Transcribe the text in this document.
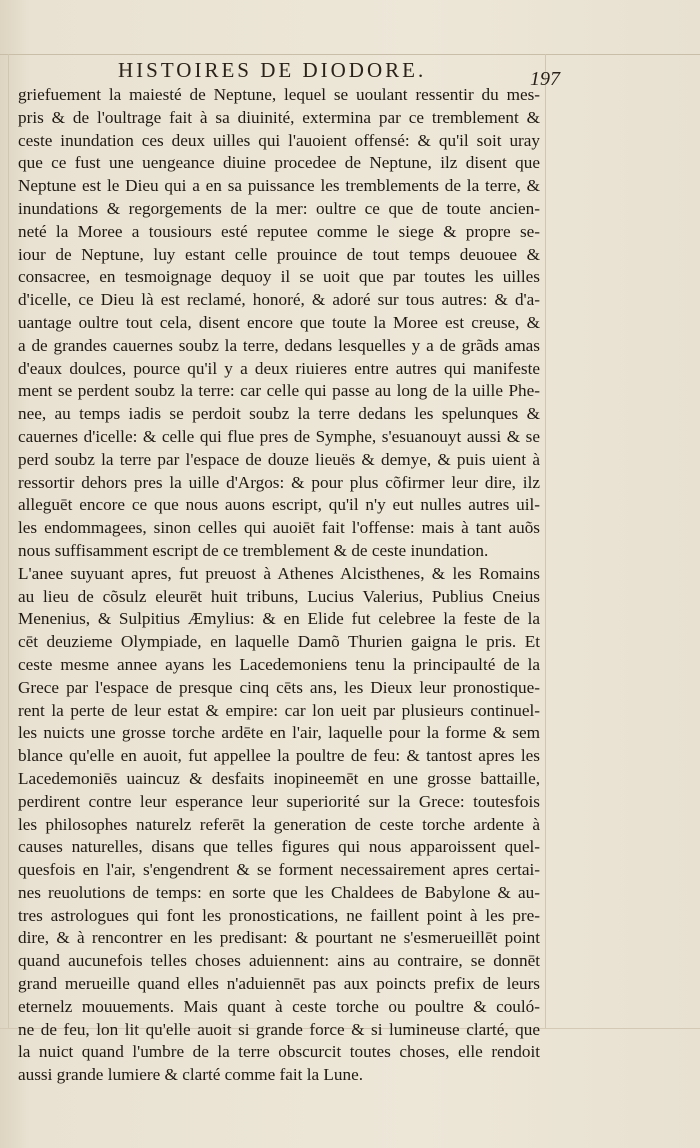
HISTOIRES DE DIODORE.	197
griefuement la maiesté de Neptune, lequel se uoulant ressentir du mes-
pris & de l'oultrage fait à sa diuinité, extermina par ce tremblement &
ceste inundation ces deux uilles qui l'auoient offensé: & qu'il soit uray
que ce fust une uengeance diuine procedee de Neptune, ilz disent que
Neptune est le Dieu qui a en sa puissance les tremblements de la terre, &
inundations & regorgements de la mer: oultre ce que de toute ancien-
neté la Moree a tousiours esté reputee comme le siege & propre se-
iour de Neptune, luy estant celle prouince de tout temps deuouee &
consacree, en tesmoignage dequoy il se uoit que par toutes les uilles
d'icelle, ce Dieu là est reclamé, honoré, & adoré sur tous autres: & d'a-
uantage oultre tout cela, disent encore que toute la Moree est creuse, &
a de grandes cauernes soubz la terre, dedans lesquelles y a de grãds amas
d'eaux doulces, pource qu'il y a deux riuieres entre autres qui manifeste
ment se perdent soubz la terre: car celle qui passe au long de la uille Phe-
nee, au temps iadis se perdoit soubz la terre dedans les spelunques &
cauernes d'icelle: & celle qui flue pres de Symphe, s'esuanouyt aussi & se
perd soubz la terre par l'espace de douze lieuës & demye, & puis uient à
ressortir dehors pres la uille d'Argos: & pour plus cõfirmer leur dire, ilz
alleguēt encore ce que nous auons escript, qu'il n'y eut nulles autres uil-
les endommagees, sinon celles qui auoiēt fait l'offense: mais à tant auõs
nous suffisamment escript de ce tremblement & de ceste inundation.
L'anee suyuant apres, fut preuost à Athenes Alcisthenes, & les Romains
au lieu de cõsulz eleurēt huit tribuns, Lucius Valerius, Publius Cneius
Menenius, & Sulpitius Æmylius: & en Elide fut celebree la feste de la
cēt deuzieme Olympiade, en laquelle Damõ Thurien gaigna le pris. Et
ceste mesme annee ayans les Lacedemoniens tenu la principaulté de la
Grece par l'espace de presque cinq cēts ans, les Dieux leur pronostique-
rent la perte de leur estat & empire: car lon ueit par plusieurs continuel-
les nuicts une grosse torche ardēte en l'air, laquelle pour la forme & sem
blance qu'elle en auoit, fut appellee la poultre de feu: & tantost apres les
Lacedemoniēs uaincuz & desfaits inopineemēt en une grosse battaille,
perdirent contre leur esperance leur superiorité sur la Grece: toutesfois
les philosophes naturelz referēt la generation de ceste torche ardente à
causes naturelles, disans que telles figures qui nous apparoissent quel-
quesfois en l'air, s'engendrent & se forment necessairement apres certai-
nes reuolutions de temps: en sorte que les Chaldees de Babylone & au-
tres astrologues qui font les pronostications, ne faillent point à les pre-
dire, & à rencontrer en les predisant: & pourtant ne s'esmerueillēt point
quand aucunefois telles choses aduiennent: ains au contraire, se donnēt
grand merueille quand elles n'aduiennēt pas aux poincts prefix de leurs
eternelz mouuements. Mais quant à ceste torche ou poultre & couló-
ne de feu, lon lit qu'elle auoit si grande force & si lumineuse clarté, que
la nuict quand l'umbre de la terre obscurcit toutes choses, elle rendoit
aussi grande lumiere & clarté comme fait la Lune.
